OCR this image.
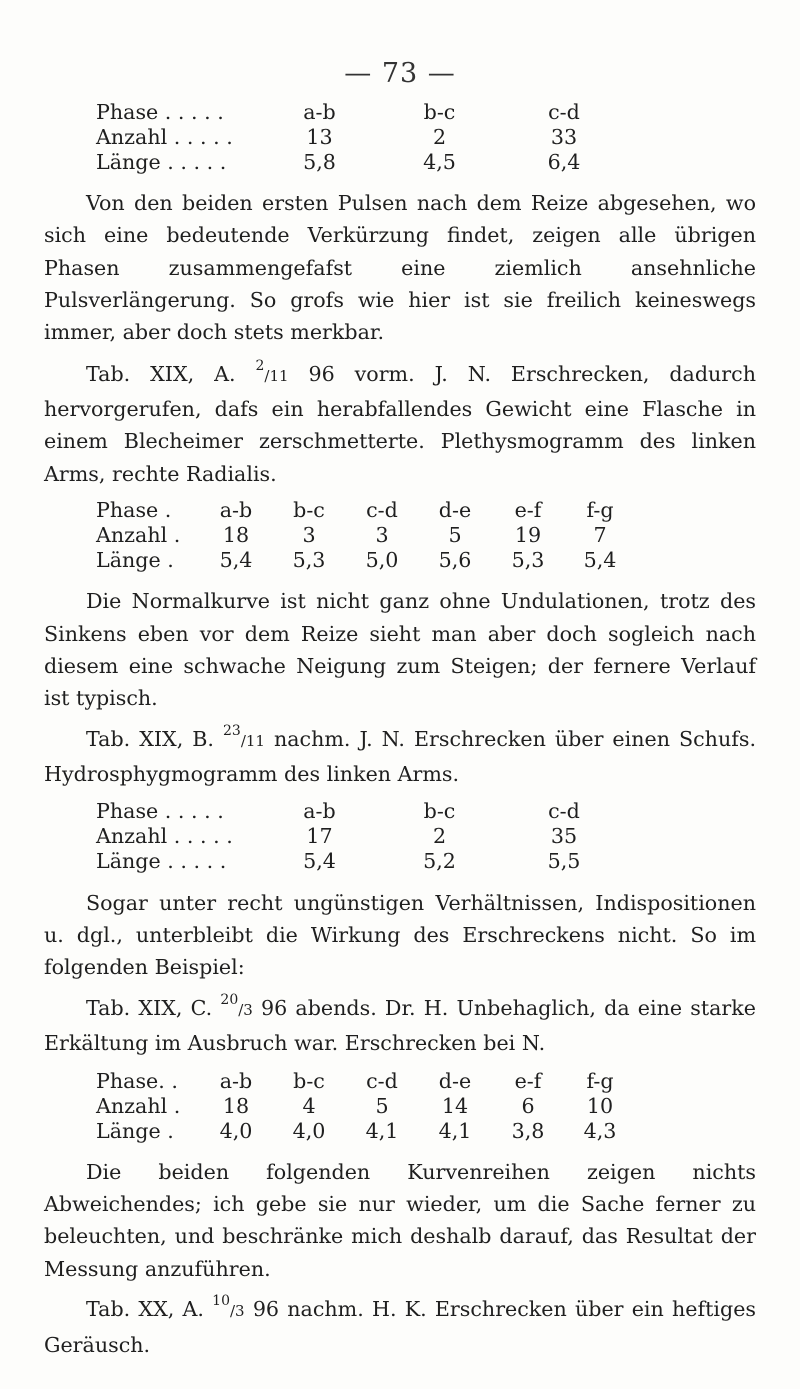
— 73 —
Phase . . . . .	a-b	b-c	c-d
Anzahl . . . . .	13	2	33
Länge . . . . .	5,8	4,5	6,4
Von den beiden ersten Pulsen nach dem Reize abgesehen, wo sich eine bedeutende Verkürzung findet, zeigen alle übrigen Phasen zusammengefafst eine ziemlich ansehnliche Pulsverlängerung. So grofs wie hier ist sie freilich keineswegs immer, aber doch stets merkbar.
Tab. XIX, A. $^2$/11 96 vorm. J. N. Erschrecken, dadurch hervorgerufen, dafs ein herabfallendes Gewicht eine Flasche in einem Blecheimer zerschmetterte. Plethysmogramm des linken Arms, rechte Radialis.
Phase .	a-b	b-c	c-d	d-e	e-f	f-g
Anzahl .	18	3	3	5	19	7
Länge .	5,4	5,3	5,0	5,6	5,3	5,4
Die Normalkurve ist nicht ganz ohne Undulationen, trotz des Sinkens eben vor dem Reize sieht man aber doch sogleich nach diesem eine schwache Neigung zum Steigen; der fernere Verlauf ist typisch.
Tab. XIX, B. $^{23}$/11 nachm. J. N. Erschrecken über einen Schufs. Hydrosphygmogramm des linken Arms.
Phase . . . . .	a-b	b-c	c-d
Anzahl . . . . .	17	2	35
Länge . . . . .	5,4	5,2	5,5
Sogar unter recht ungünstigen Verhältnissen, Indispositionen u. dgl., unterbleibt die Wirkung des Erschreckens nicht. So im folgenden Beispiel:
Tab. XIX, C. $^{20}$/3 96 abends. Dr. H. Unbehaglich, da eine starke Erkältung im Ausbruch war. Erschrecken bei N.
Phase. .	a-b	b-c	c-d	d-e	e-f	f-g
Anzahl .	18	4	5	14	6	10
Länge .	4,0	4,0	4,1	4,1	3,8	4,3
Die beiden folgenden Kurvenreihen zeigen nichts Abweichendes; ich gebe sie nur wieder, um die Sache ferner zu beleuchten, und beschränke mich deshalb darauf, das Resultat der Messung anzuführen.
Tab. XX, A. $^{10}$/3 96 nachm. H. K. Erschrecken über ein heftiges Geräusch.
